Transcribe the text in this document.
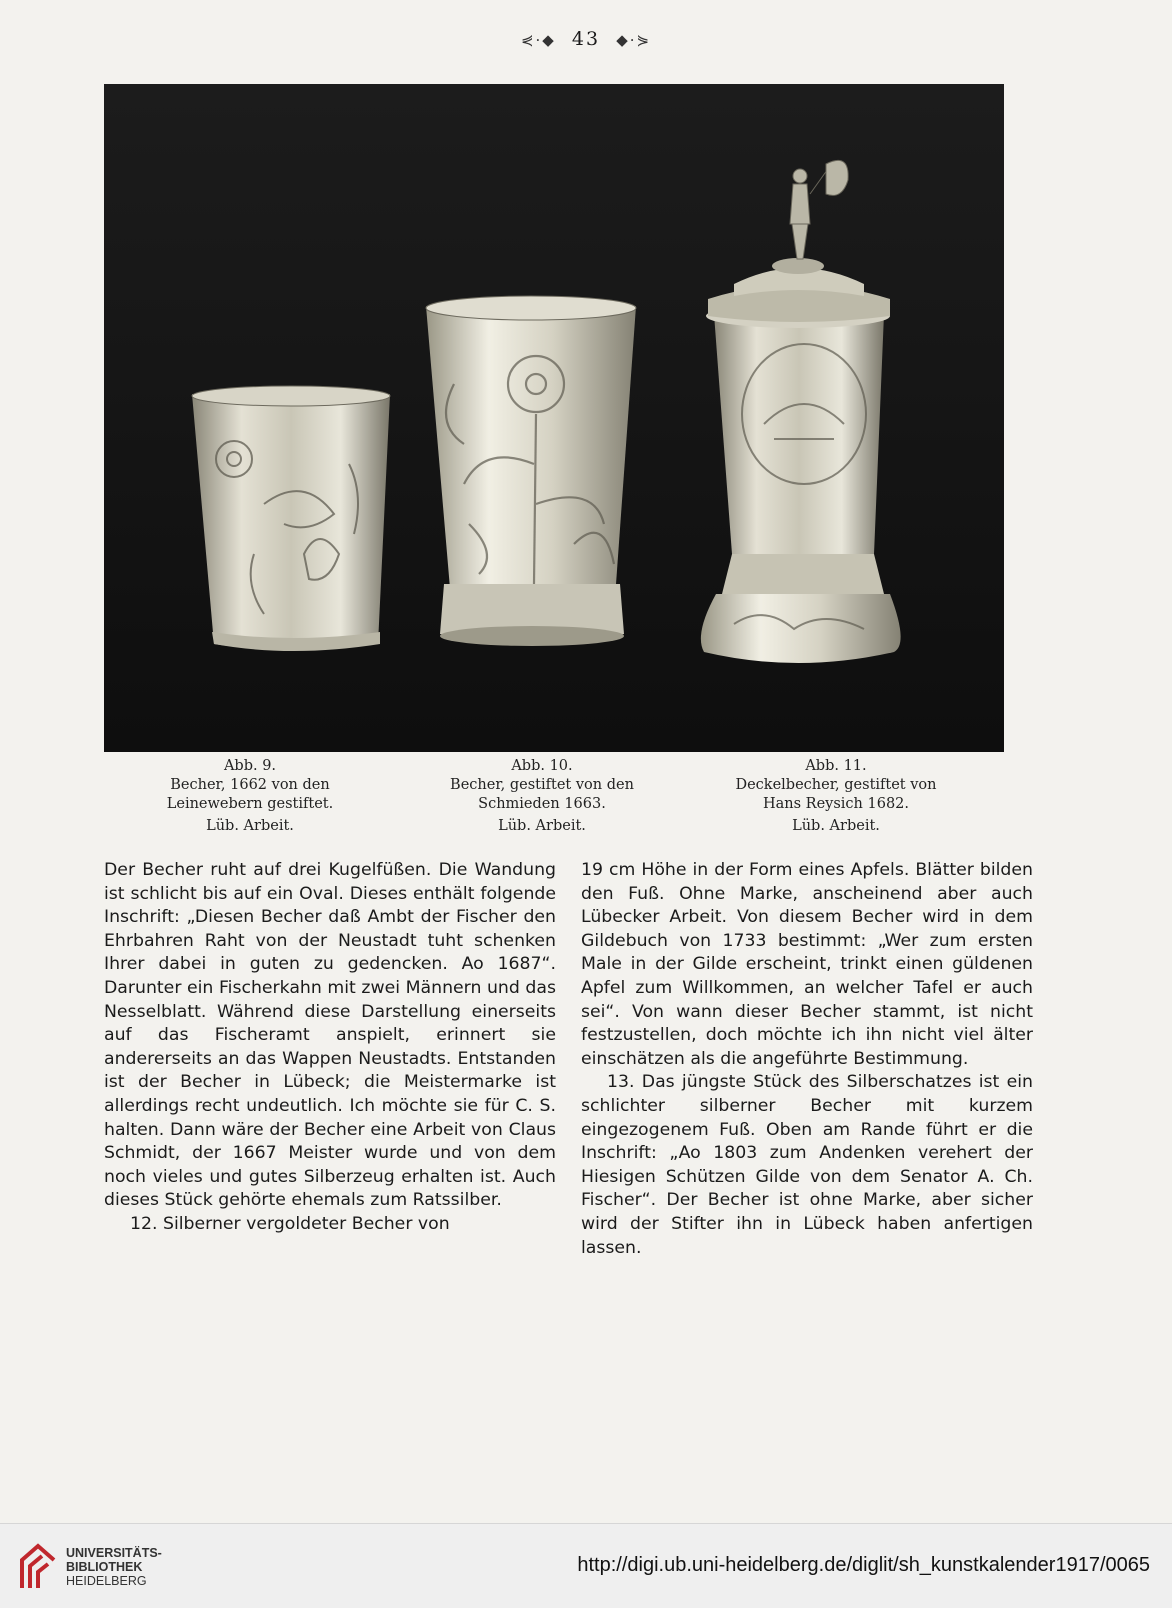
⋞·◆ 43 ◆·⋟
Abb. 9.
Becher, 1662 von den
Leinewebern gestiftet.
Lüb. Arbeit.
Abb. 10.
Becher, gestiftet von den
Schmieden 1663.
Lüb. Arbeit.
Abb. 11.
Deckelbecher, gestiftet von
Hans Reysich 1682.
Lüb. Arbeit.

Der Becher ruht auf drei Kugelfüßen. Die Wandung ist schlicht bis auf ein Oval. Dieses enthält folgende Inschrift: „Diesen Becher daß Ambt der Fischer den Ehrbahren Raht von der Neustadt tuht schenken Ihrer dabei in guten zu gedencken. Ao 1687“. Darunter ein Fischerkahn mit zwei Männern und das Nesselblatt. Während diese Darstellung einerseits auf das Fischeramt anspielt, erinnert sie andererseits an das Wappen Neustadts. Entstanden ist der Becher in Lübeck; die Meistermarke ist allerdings recht undeutlich. Ich möchte sie für C. S. halten. Dann wäre der Becher eine Arbeit von Claus Schmidt, der 1667 Meister wurde und von dem noch vieles und gutes Silberzeug erhalten ist. Auch dieses Stück gehörte ehemals zum Ratssilber.

12. Silberner vergoldeter Becher von

19 cm Höhe in der Form eines Apfels. Blätter bilden den Fuß. Ohne Marke, anscheinend aber auch Lübecker Arbeit. Von diesem Becher wird in dem Gildebuch von 1733 bestimmt: „Wer zum ersten Male in der Gilde erscheint, trinkt einen güldenen Apfel zum Willkommen, an welcher Tafel er auch sei“. Von wann dieser Becher stammt, ist nicht festzustellen, doch möchte ich ihn nicht viel älter einschätzen als die angeführte Bestimmung.

13. Das jüngste Stück des Silberschatzes ist ein schlichter silberner Becher mit kurzem eingezogenem Fuß. Oben am Rande führt er die Inschrift: „Ao 1803 zum Andenken verehert der Hiesigen Schützen Gilde von dem Senator A. Ch. Fischer“. Der Becher ist ohne Marke, aber sicher wird der Stifter ihn in Lübeck haben anfertigen lassen.

UNIVERSITÄTS-
BIBLIOTHEK
HEIDELBERG
http://digi.ub.uni-heidelberg.de/diglit/sh_kunstkalender1917/0065
